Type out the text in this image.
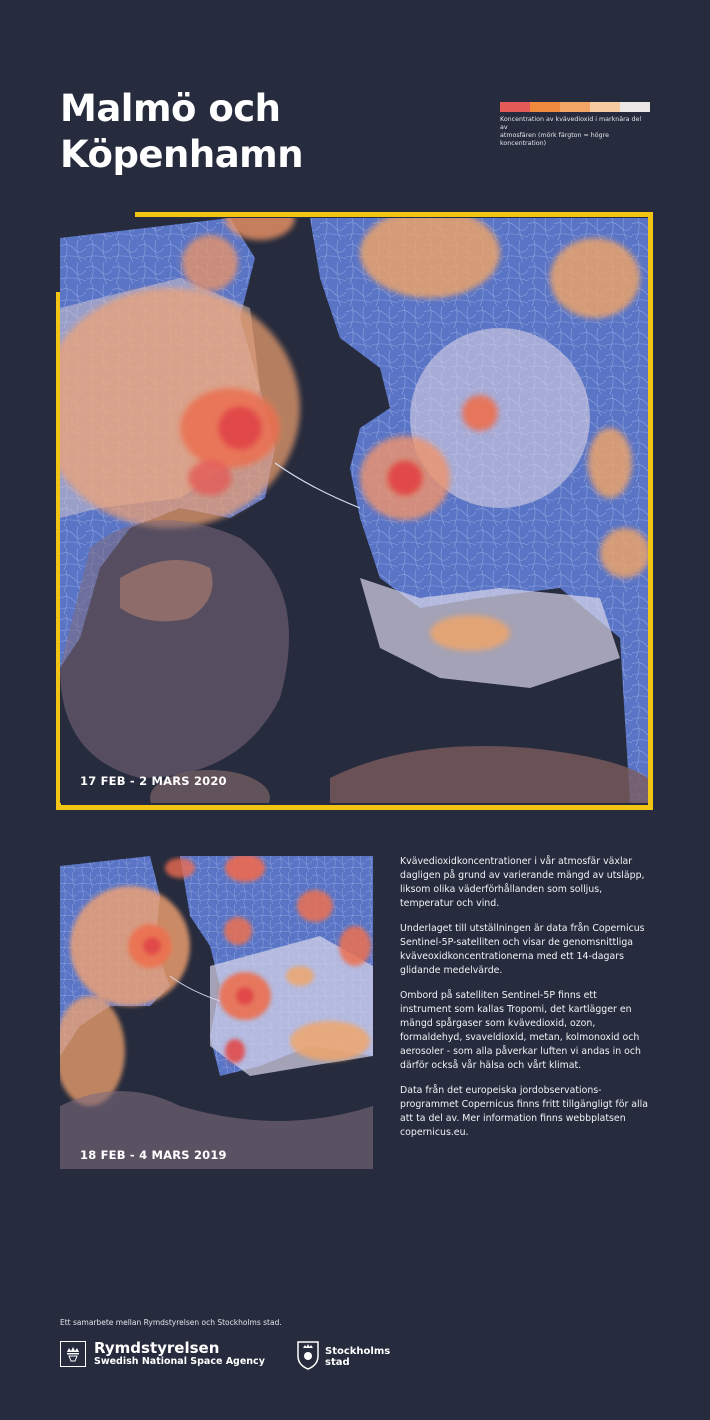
Malmö och Köpenhamn
Koncentration av kvävedioxid i marknära del av
atmosfären (mörk färgton = högre koncentration)
17 FEB - 2 MARS 2020
18 FEB - 4 MARS 2019

Kvävedioxidkoncentrationer i vår atmosfär växlar dagligen på grund av varierande mängd av utsläpp, liksom olika väderförhållanden som solljus, temperatur och vind.

Underlaget till utställningen är data från Copernicus Sentinel-5P-satelliten och visar de genomsnittliga kväveoxidkoncentrationerna med ett 14-dagars glidande medelvärde.

Ombord på satelliten Sentinel-5P finns ett instrument som kallas Tropomi, det kartlägger en mängd spårgaser som kvävedioxid, ozon, formaldehyd, svaveldioxid, metan, kolmonoxid och aerosoler - som alla påverkar luften vi andas in och därför också vår hälsa och vårt klimat.

Data från det europeiska jordobservations-programmet Copernicus finns fritt tillgängligt för alla att ta del av. Mer information finns webbplatsen copernicus.eu.

Ett samarbete mellan Rymdstyrelsen och Stockholms stad.
Rymdstyrelsen
Swedish National Space Agency
Stockholms
stad
